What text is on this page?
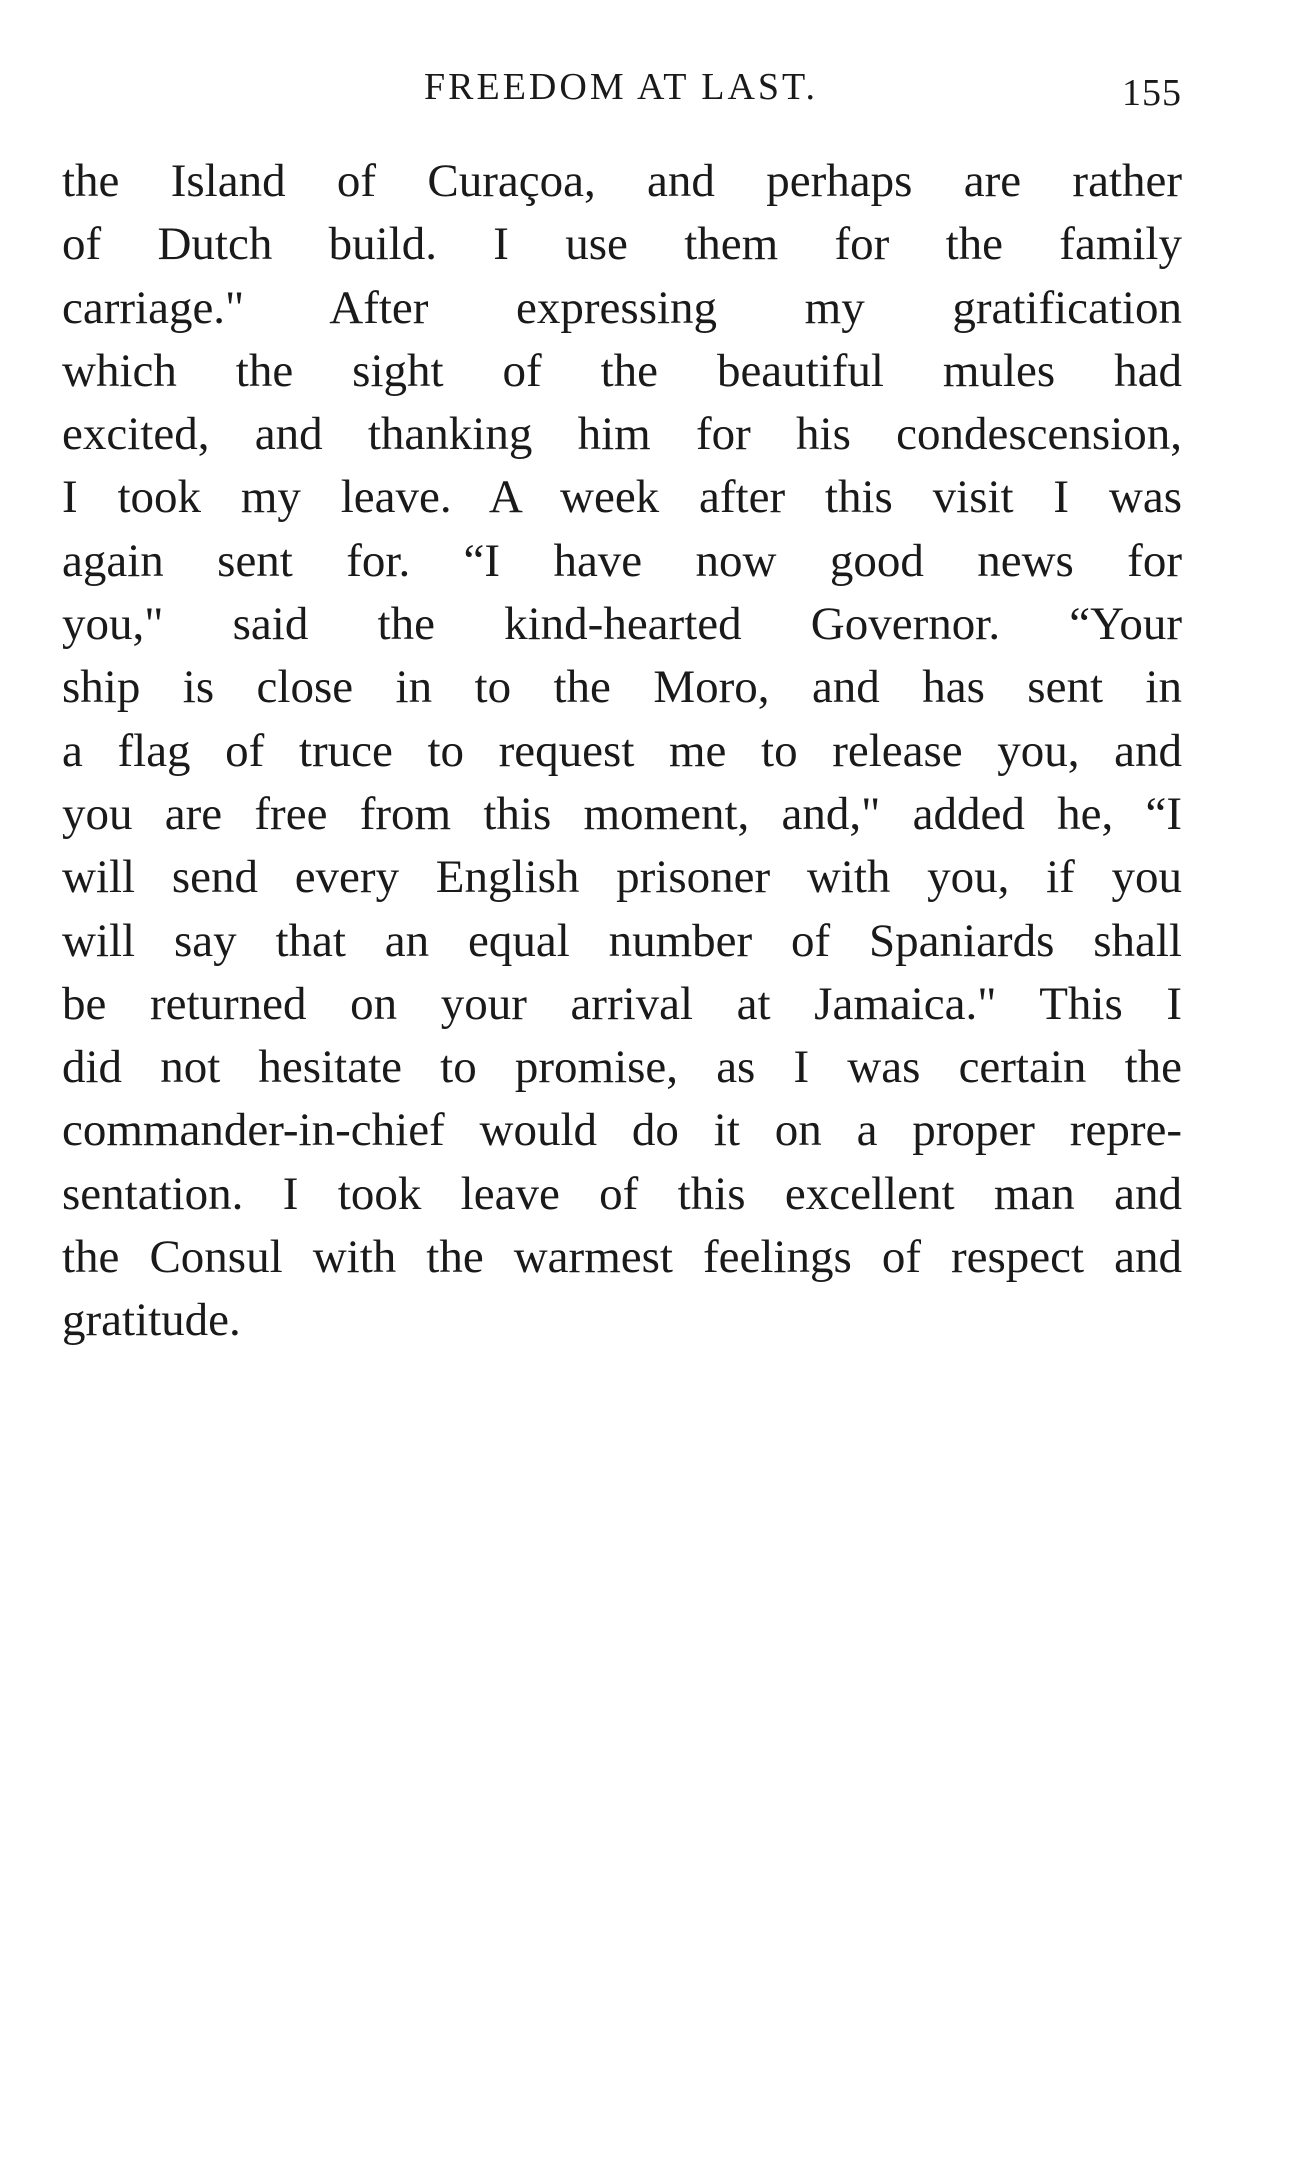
FREEDOM AT LAST.	155
the Island of Curaçoa, and perhaps are rather
of Dutch build. I use them for the family
carriage." After expressing my gratification
which the sight of the beautiful mules had
excited, and thanking him for his condescension,
I took my leave. A week after this visit I was
again sent for. “I have now good news for
you," said the kind-hearted Governor. “Your
ship is close in to the Moro, and has sent in
a flag of truce to request me to release you, and
you are free from this moment, and," added he, “I
will send every English prisoner with you, if you
will say that an equal number of Spaniards shall
be returned on your arrival at Jamaica." This I
did not hesitate to promise, as I was certain the
commander-in-chief would do it on a proper repre-
sentation. I took leave of this excellent man and
the Consul with the warmest feelings of respect and
gratitude.
